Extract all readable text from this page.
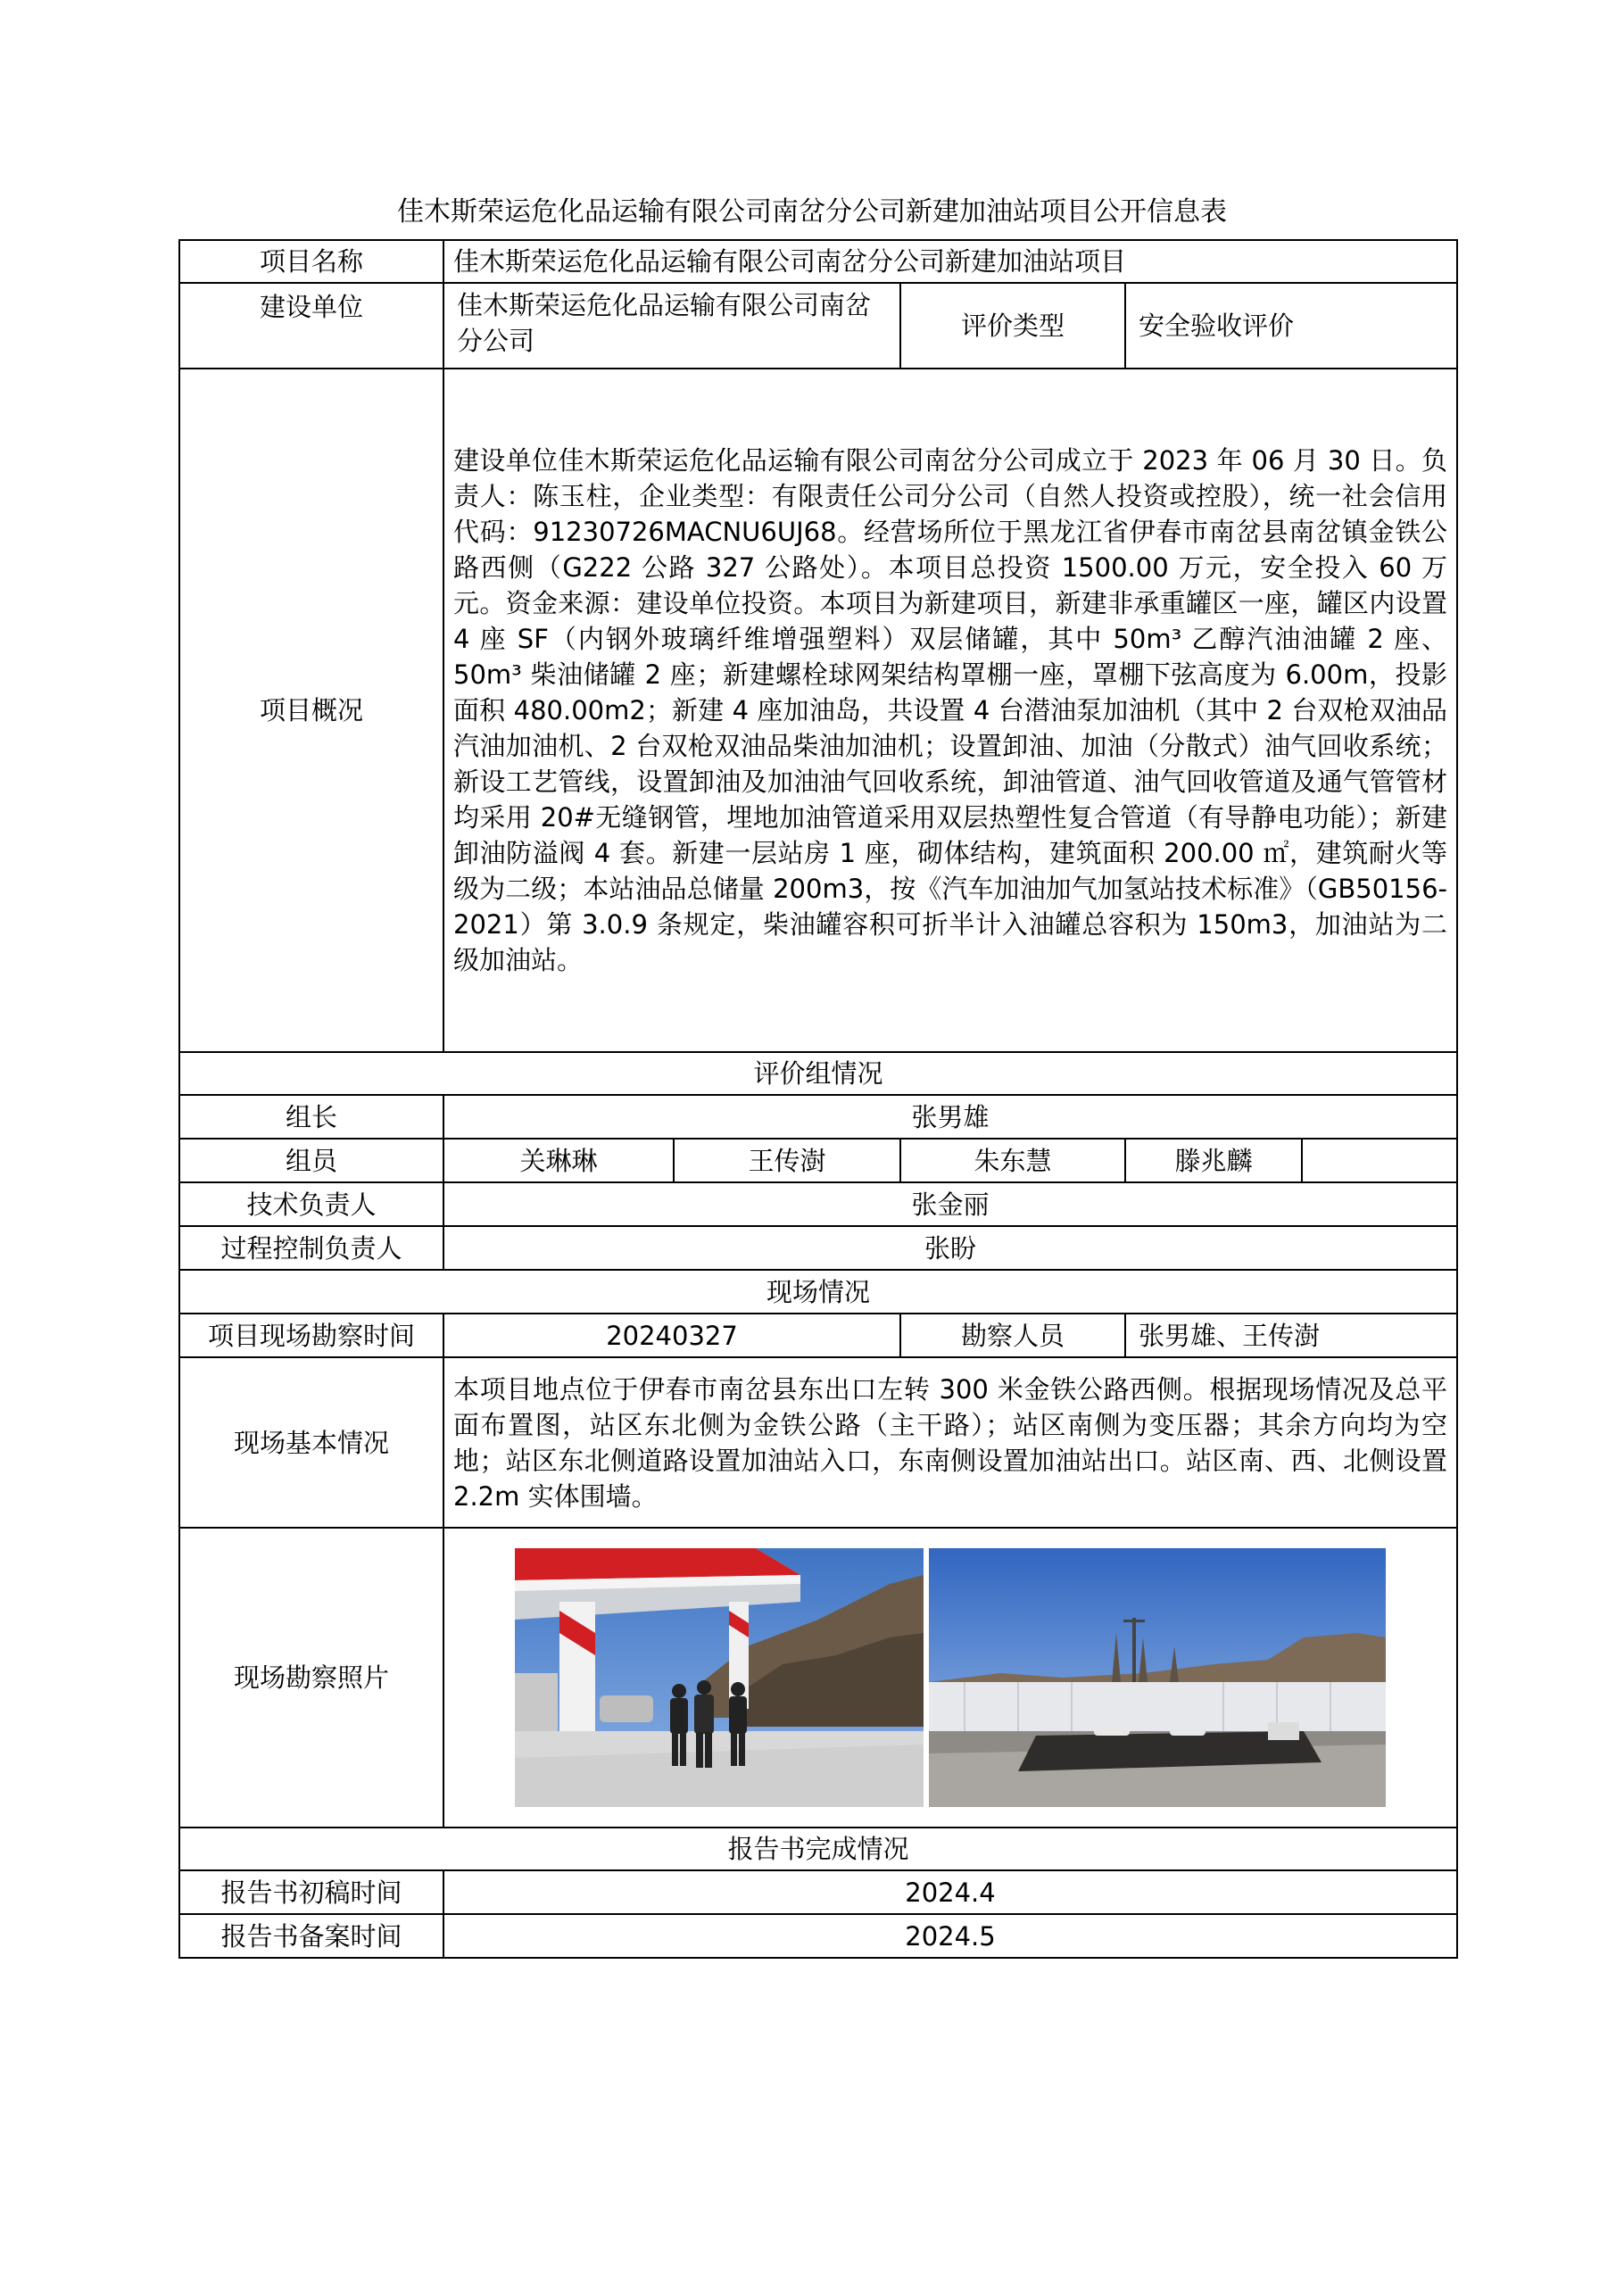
佳木斯荣运危化品运输有限公司南岔分公司新建加油站项目公开信息表
项目名称	佳木斯荣运危化品运输有限公司南岔分公司新建加油站项目				
建设单位	佳木斯荣运危化品运输有限公司南岔分公司		评价类型	安全验收评价	
项目概况	建设单位佳木斯荣运危化品运输有限公司南岔分公司成立于 2023 年 06 月 30 日。负责人：陈玉柱，企业类型：有限责任公司分公司（自然人投资或控股），统一社会信用代码：91230726MACNU6UJ68。经营场所位于黑龙江省伊春市南岔县南岔镇金铁公路西侧（G222 公路 327 公路处）。本项目总投资 1500.00 万元，安全投入 60 万元。资金来源：建设单位投资。本项目为新建项目，新建非承重罐区一座，罐区内设置 4 座 SF（内钢外玻璃纤维增强塑料）双层储罐，其中 50m³ 乙醇汽油油罐 2 座、50m³ 柴油储罐 2 座；新建螺栓球网架结构罩棚一座，罩棚下弦高度为 6.00m，投影面积 480.00m2；新建 4 座加油岛，共设置 4 台潜油泵加油机（其中 2 台双枪双油品汽油加油机、2 台双枪双油品柴油加油机；设置卸油、加油（分散式）油气回收系统；新设工艺管线，设置卸油及加油油气回收系统，卸油管道、油气回收管道及通气管管材均采用 20#无缝钢管，埋地加油管道采用双层热塑性复合管道（有导静电功能）；新建卸油防溢阀 4 套。新建一层站房 1 座，砌体结构，建筑面积 200.00 ㎡，建筑耐火等级为二级；本站油品总储量 200m3，按《汽车加油加气加氢站技术标准》（GB50156-2021）第 3.0.9 条规定，柴油罐容积可折半计入油罐总容积为 150m3，加油站为二级加油站。				
评价组情况					
组长	张男雄				
组员	关琳琳	王传澍	朱东慧	滕兆麟	
技术负责人	张金丽				
过程控制负责人	张盼				
现场情况					
项目现场勘察时间	20240327		勘察人员	张男雄、王传澍	
现场基本情况	本项目地点位于伊春市南岔县东出口左转 300 米金铁公路西侧。根据现场情况及总平面布置图，站区东北侧为金铁公路（主干路）；站区南侧为变压器；其余方向均为空地；站区东北侧道路设置加油站入口，东南侧设置加油站出口。站区南、西、北侧设置 2.2m 实体围墙。				
现场勘察照片	

报告书完成情况					
报告书初稿时间	2024.4				
报告书备案时间	2024.5				
